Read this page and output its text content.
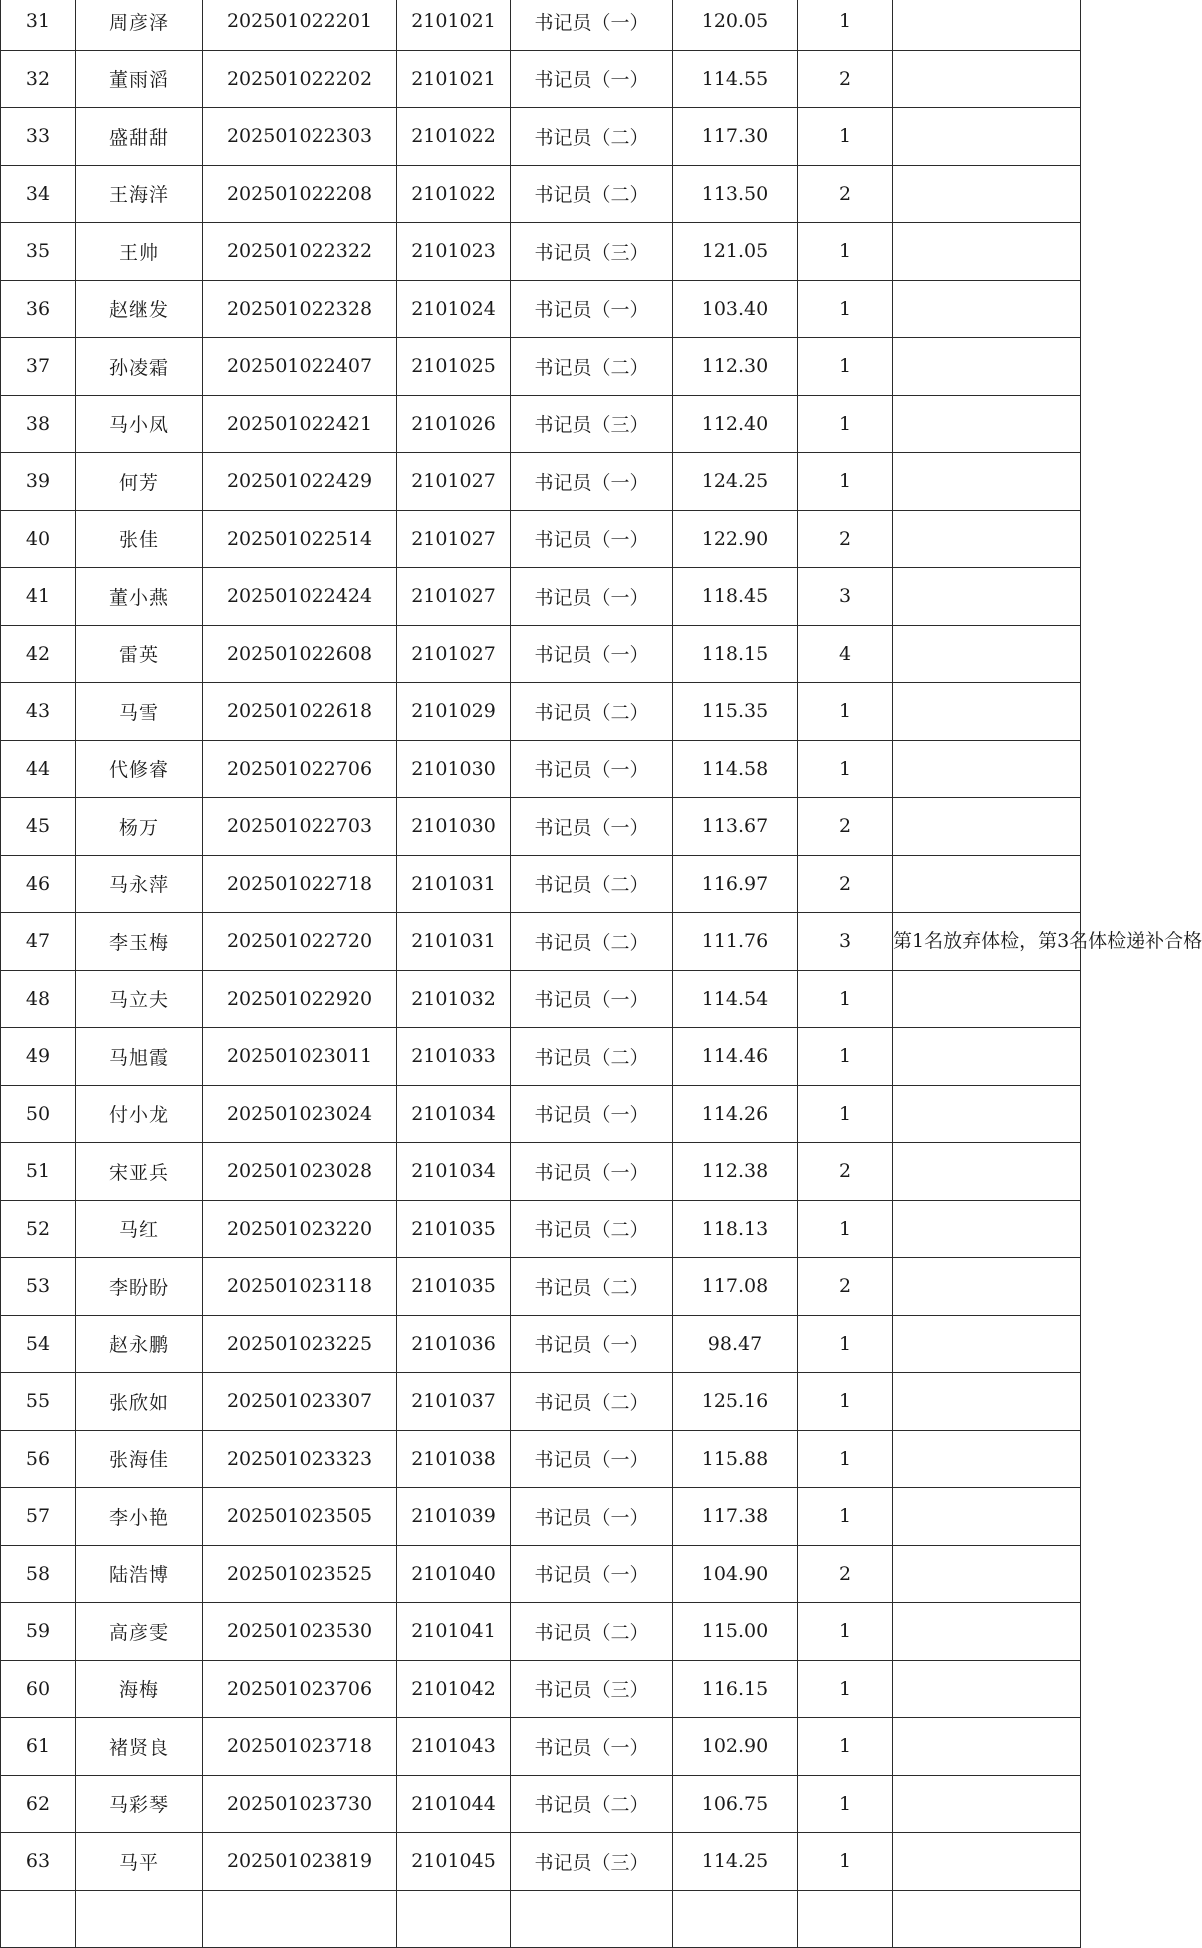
31	周彦泽	202501022201	2101021	书记员（一）	120.05	1	
32	董雨滔	202501022202	2101021	书记员（一）	114.55	2	
33	盛甜甜	202501022303	2101022	书记员（二）	117.30	1	
34	王海洋	202501022208	2101022	书记员（二）	113.50	2	
35	王帅	202501022322	2101023	书记员（三）	121.05	1	
36	赵继发	202501022328	2101024	书记员（一）	103.40	1	
37	孙凌霜	202501022407	2101025	书记员（二）	112.30	1	
38	马小凤	202501022421	2101026	书记员（三）	112.40	1	
39	何芳	202501022429	2101027	书记员（一）	124.25	1	
40	张佳	202501022514	2101027	书记员（一）	122.90	2	
41	董小燕	202501022424	2101027	书记员（一）	118.45	3	
42	雷英	202501022608	2101027	书记员（一）	118.15	4	
43	马雪	202501022618	2101029	书记员（二）	115.35	1	
44	代修睿	202501022706	2101030	书记员（一）	114.58	1	
45	杨万	202501022703	2101030	书记员（一）	113.67	2	
46	马永萍	202501022718	2101031	书记员（二）	116.97	2	
47	李玉梅	202501022720	2101031	书记员（二）	111.76	3	第1名放弃体检，第3名体检递补合格
48	马立夫	202501022920	2101032	书记员（一）	114.54	1	
49	马旭霞	202501023011	2101033	书记员（二）	114.46	1	
50	付小龙	202501023024	2101034	书记员（一）	114.26	1	
51	宋亚兵	202501023028	2101034	书记员（一）	112.38	2	
52	马红	202501023220	2101035	书记员（二）	118.13	1	
53	李盼盼	202501023118	2101035	书记员（二）	117.08	2	
54	赵永鹏	202501023225	2101036	书记员（一）	98.47	1	
55	张欣如	202501023307	2101037	书记员（二）	125.16	1	
56	张海佳	202501023323	2101038	书记员（一）	115.88	1	
57	李小艳	202501023505	2101039	书记员（一）	117.38	1	
58	陆浩博	202501023525	2101040	书记员（一）	104.90	2	
59	高彦雯	202501023530	2101041	书记员（二）	115.00	1	
60	海梅	202501023706	2101042	书记员（三）	116.15	1	
61	褚贤良	202501023718	2101043	书记员（一）	102.90	1	
62	马彩琴	202501023730	2101044	书记员（二）	106.75	1	
63	马平	202501023819	2101045	书记员（三）	114.25	1	
